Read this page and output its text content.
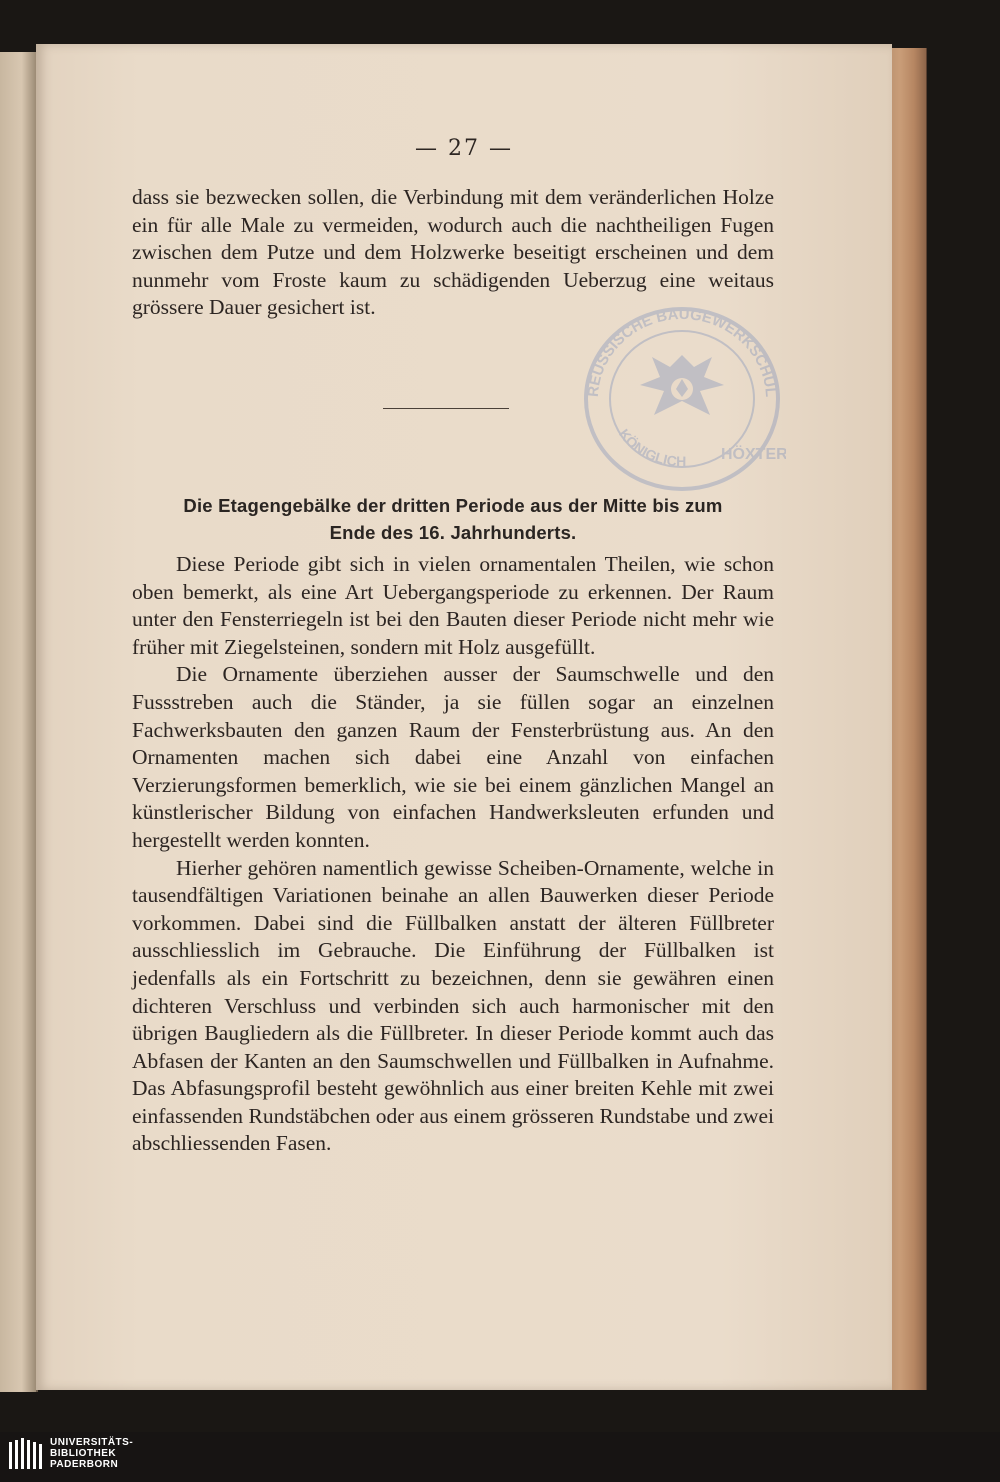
— 27 —

dass sie bezwecken sollen, die Verbindung mit dem veränderlichen Holze ein für alle Male zu vermeiden, wodurch auch die nachtheiligen Fugen zwischen dem Putze und dem Holzwerke beseitigt erscheinen und dem nunmehr vom Froste kaum zu schädigenden Ueberzug eine weitaus grössere Dauer gesichert ist.

Die Etagengebälke der dritten Periode aus der Mitte bis zum
Ende des 16. Jahrhunderts.

Diese Periode gibt sich in vielen ornamentalen Theilen, wie schon oben bemerkt, als eine Art Uebergangsperiode zu erkennen. Der Raum unter den Fensterriegeln ist bei den Bauten dieser Periode nicht mehr wie früher mit Ziegelsteinen, sondern mit Holz ausgefüllt.

Die Ornamente überziehen ausser der Saumschwelle und den Fussstreben auch die Ständer, ja sie füllen sogar an einzelnen Fachwerksbauten den ganzen Raum der Fensterbrüstung aus. An den Ornamenten machen sich dabei eine Anzahl von einfachen Verzierungsformen bemerklich, wie sie bei einem gänzlichen Mangel an künstlerischer Bildung von einfachen Handwerksleuten erfunden und hergestellt werden konnten.

Hierher gehören namentlich gewisse Scheiben-Ornamente, welche in tausendfältigen Variationen beinahe an allen Bauwerken dieser Periode vorkommen. Dabei sind die Füllbalken anstatt der älteren Füllbreter ausschliesslich im Gebrauche. Die Einführung der Füllbalken ist jedenfalls als ein Fortschritt zu bezeichnen, denn sie gewähren einen dichteren Verschluss und verbinden sich auch harmonischer mit den übrigen Baugliedern als die Füllbreter. In dieser Periode kommt auch das Abfasen der Kanten an den Saumschwellen und Füllbalken in Aufnahme. Das Abfasungsprofil besteht gewöhnlich aus einer breiten Kehle mit zwei einfassenden Rundstäbchen oder aus einem grösseren Rundstabe und zwei abschliessenden Fasen.

REUSSISCHE BAUGEWERKSCHUL
KÖNIGLICH HÖXTER
UNIVERSITÄTS-
BIBLIOTHEK
PADERBORN
